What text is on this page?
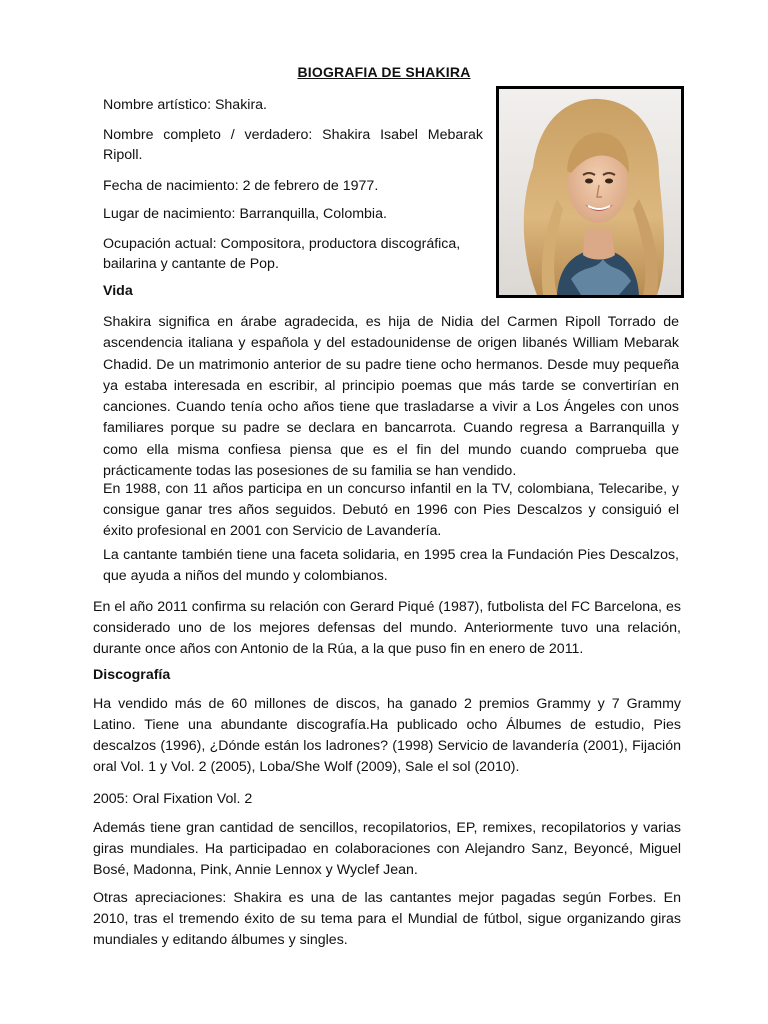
BIOGRAFIA DE SHAKIRA
Nombre artístico: Shakira.
Nombre completo / verdadero: Shakira Isabel Mebarak
Ripoll.
Fecha de nacimiento: 2 de febrero de 1977.
Lugar de nacimiento: Barranquilla, Colombia.
Ocupación actual: Compositora, productora discográfica,
bailarina y cantante de Pop.
Vida
Shakira significa en árabe agradecida, es hija de Nidia del Carmen Ripoll Torrado de ascendencia italiana y española y del estadounidense de origen libanés William Mebarak Chadid. De un matrimonio anterior de su padre tiene ocho hermanos. Desde muy pequeña ya estaba interesada en escribir, al principio poemas que más tarde se convertirían en canciones. Cuando tenía ocho años tiene que trasladarse a vivir a Los Ángeles con unos familiares porque su padre se declara en bancarrota. Cuando regresa a Barranquilla y como ella misma confiesa piensa que es el fin del mundo cuando comprueba que prácticamente todas las posesiones de su familia se han vendido.
En 1988, con 11 años participa en un concurso infantil en la TV, colombiana, Telecaribe, y consigue ganar tres años seguidos. Debutó en 1996 con Pies Descalzos y consiguió el éxito profesional en 2001 con Servicio de Lavandería.
La cantante también tiene una faceta solidaria, en 1995 crea la Fundación Pies Descalzos, que ayuda a niños del mundo y colombianos.
En el año 2011 confirma su relación con Gerard Piqué (1987), futbolista del FC Barcelona, es considerado uno de los mejores defensas del mundo. Anteriormente tuvo una relación, durante once años con Antonio de la Rúa, a la que puso fin en enero de 2011.
Discografía
Ha vendido más de 60 millones de discos, ha ganado 2 premios Grammy y 7 Grammy Latino. Tiene una abundante discografía.Ha publicado ocho Álbumes de estudio, Pies descalzos (1996), ¿Dónde están los ladrones? (1998) Servicio de lavandería (2001), Fijación oral Vol. 1 y Vol. 2 (2005), Loba/She Wolf (2009), Sale el sol (2010).
2005: Oral Fixation Vol. 2
Además tiene gran cantidad de sencillos, recopilatorios, EP, remixes, recopilatorios y varias giras mundiales. Ha participadao en colaboraciones con Alejandro Sanz, Beyoncé, Miguel Bosé, Madonna, Pink, Annie Lennox y Wyclef Jean.
Otras apreciaciones: Shakira es una de las cantantes mejor pagadas según Forbes. En 2010, tras el tremendo éxito de su tema para el Mundial de fútbol, sigue organizando giras mundiales y editando álbumes y singles.
